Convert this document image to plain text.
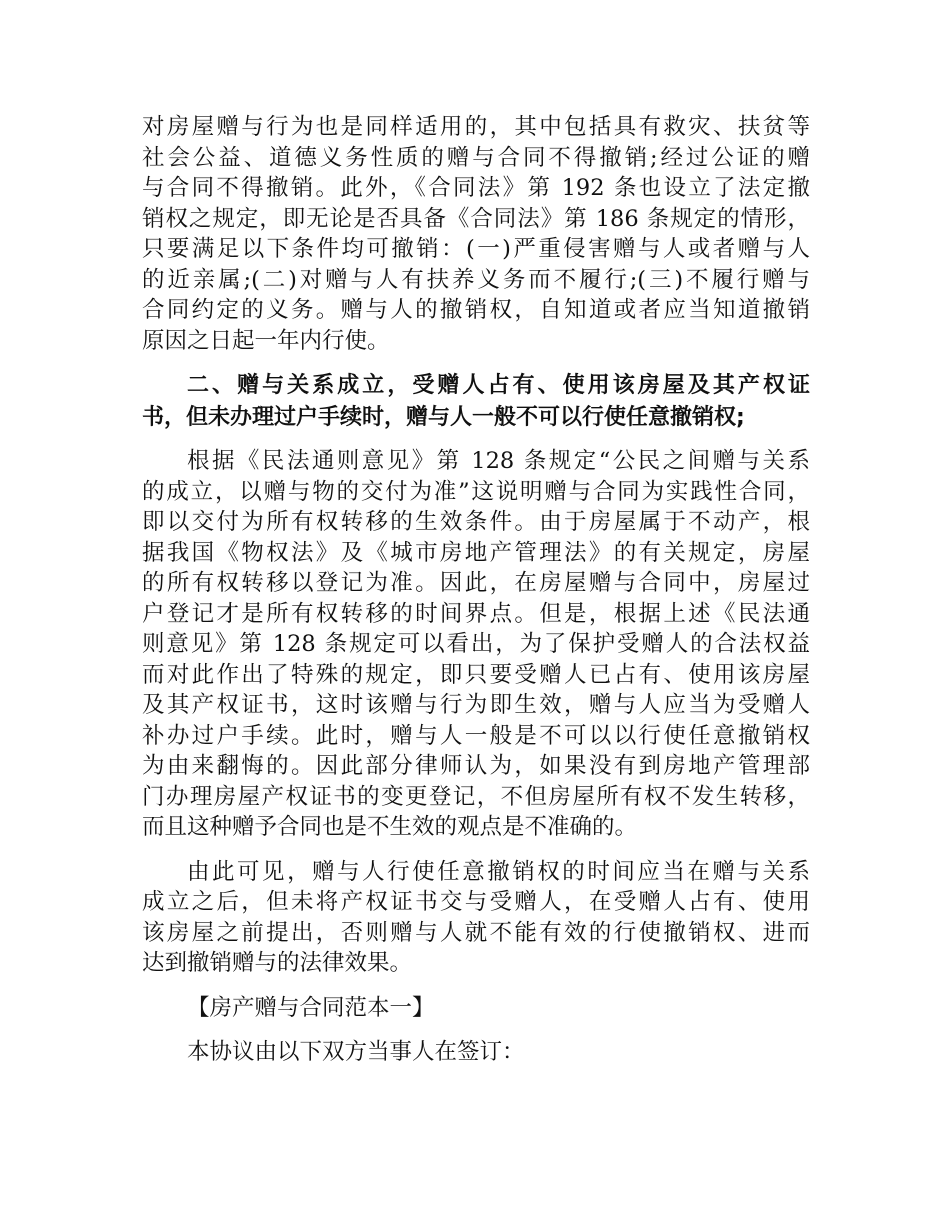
对房屋赠与行为也是同样适用的，其中包括具有救灾、扶贫等
社会公益、道德义务性质的赠与合同不得撤销;经过公证的赠
与合同不得撤销。此外，《合同法》第 192 条也设立了法定撤
销权之规定，即无论是否具备《合同法》第 186 条规定的情形，
只要满足以下条件均可撤销：(一)严重侵害赠与人或者赠与人
的近亲属;(二)对赠与人有扶养义务而不履行;(三)不履行赠与
合同约定的义务。赠与人的撤销权，自知道或者应当知道撤销
原因之日起一年内行使。
二、赠与关系成立，受赠人占有、使用该房屋及其产权证
书，但未办理过户手续时，赠与人一般不可以行使任意撤销权;
根据《民法通则意见》第 128 条规定“公民之间赠与关系
的成立，以赠与物的交付为准”这说明赠与合同为实践性合同，
即以交付为所有权转移的生效条件。由于房屋属于不动产，根
据我国《物权法》及《城市房地产管理法》的有关规定，房屋
的所有权转移以登记为准。因此，在房屋赠与合同中，房屋过
户登记才是所有权转移的时间界点。但是，根据上述《民法通
则意见》第 128 条规定可以看出，为了保护受赠人的合法权益
而对此作出了特殊的规定，即只要受赠人已占有、使用该房屋
及其产权证书，这时该赠与行为即生效，赠与人应当为受赠人
补办过户手续。此时，赠与人一般是不可以以行使任意撤销权
为由来翻悔的。因此部分律师认为，如果没有到房地产管理部
门办理房屋产权证书的变更登记，不但房屋所有权不发生转移，
而且这种赠予合同也是不生效的观点是不准确的。
由此可见，赠与人行使任意撤销权的时间应当在赠与关系
成立之后，但未将产权证书交与受赠人，在受赠人占有、使用
该房屋之前提出，否则赠与人就不能有效的行使撤销权、进而
达到撤销赠与的法律效果。
【房产赠与合同范本一】
本协议由以下双方当事人在签订：
